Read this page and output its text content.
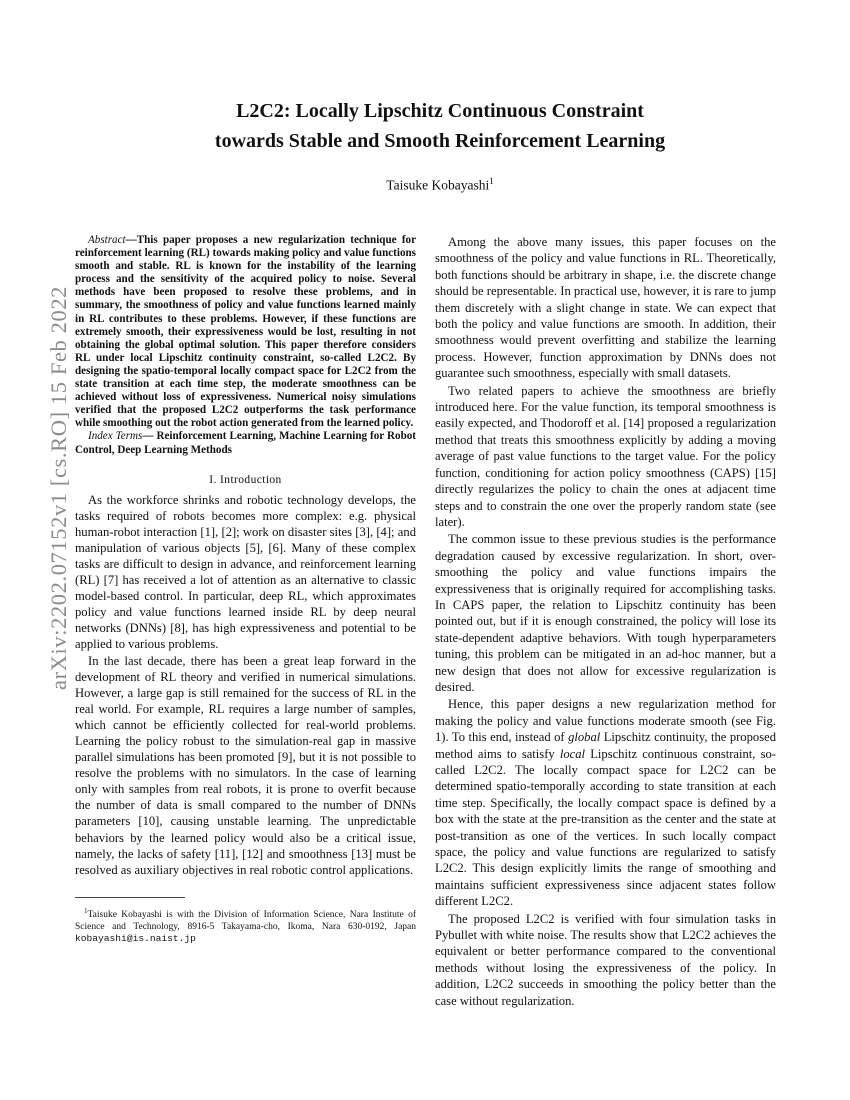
L2C2: Locally Lipschitz Continuous Constraint
towards Stable and Smooth Reinforcement Learning
Taisuke Kobayashi$^1$
arXiv:2202.07152v1 [cs.RO] 15 Feb 2022

Abstract—This paper proposes a new regularization technique for reinforcement learning (RL) towards making policy and value functions smooth and stable. RL is known for the instability of the learning process and the sensitivity of the acquired policy to noise. Several methods have been proposed to resolve these problems, and in summary, the smoothness of policy and value functions learned mainly in RL contributes to these problems. However, if these functions are extremely smooth, their expressiveness would be lost, resulting in not obtaining the global optimal solution. This paper therefore considers RL under local Lipschitz continuity constraint, so-called L2C2. By designing the spatio-temporal locally compact space for L2C2 from the state transition at each time step, the moderate smoothness can be achieved without loss of expressiveness. Numerical noisy simulations verified that the proposed L2C2 outperforms the task performance while smoothing out the robot action generated from the learned policy.

Index Terms— Reinforcement Learning, Machine Learning for Robot Control, Deep Learning Methods

I. Introduction

As the workforce shrinks and robotic technology develops, the tasks required of robots becomes more complex: e.g. physical human-robot interaction [1], [2]; work on disaster sites [3], [4]; and manipulation of various objects [5], [6]. Many of these complex tasks are difficult to design in advance, and reinforcement learning (RL) [7] has received a lot of attention as an alternative to classic model-based control. In particular, deep RL, which approximates policy and value functions learned inside RL by deep neural networks (DNNs) [8], has high expressiveness and potential to be applied to various problems.

In the last decade, there has been a great leap forward in the development of RL theory and verified in numerical simulations. However, a large gap is still remained for the success of RL in the real world. For example, RL requires a large number of samples, which cannot be efficiently collected for real-world problems. Learning the policy robust to the simulation-real gap in massive parallel simulations has been promoted [9], but it is not possible to resolve the problems with no simulators. In the case of learning only with samples from real robots, it is prone to overfit because the number of data is small compared to the number of DNNs parameters [10], causing unstable learning. The unpredictable behaviors by the learned policy would also be a critical issue, namely, the lacks of safety [11], [12] and smoothness [13] must be resolved as auxiliary objectives in real robotic control applications.

$^1$Taisuke Kobayashi is with the Division of Information Science, Nara Institute of Science and Technology, 8916-5 Takayama-cho, Ikoma, Nara 630-0192, Japan kobayashi@is.naist.jp

Among the above many issues, this paper focuses on the smoothness of the policy and value functions in RL. Theoretically, both functions should be arbitrary in shape, i.e. the discrete change should be representable. In practical use, however, it is rare to jump them discretely with a slight change in state. We can expect that both the policy and value functions are smooth. In addition, their smoothness would prevent overfitting and stabilize the learning process. However, function approximation by DNNs does not guarantee such smoothness, especially with small datasets.

Two related papers to achieve the smoothness are briefly introduced here. For the value function, its temporal smoothness is easily expected, and Thodoroff et al. [14] proposed a regularization method that treats this smoothness explicitly by adding a moving average of past value functions to the target value. For the policy function, conditioning for action policy smoothness (CAPS) [15] directly regularizes the policy to chain the ones at adjacent time steps and to constrain the one over the properly random state (see later).

The common issue to these previous studies is the performance degradation caused by excessive regularization. In short, over-smoothing the policy and value functions impairs the expressiveness that is originally required for accomplishing tasks. In CAPS paper, the relation to Lipschitz continuity has been pointed out, but if it is enough constrained, the policy will lose its state-dependent adaptive behaviors. With tough hyperparameters tuning, this problem can be mitigated in an ad-hoc manner, but a new design that does not allow for excessive regularization is desired.

Hence, this paper designs a new regularization method for making the policy and value functions moderate smooth (see Fig. 1). To this end, instead of global Lipschitz continuity, the proposed method aims to satisfy local Lipschitz continuous constraint, so-called L2C2. The locally compact space for L2C2 can be determined spatio-temporally according to state transition at each time step. Specifically, the locally compact space is defined by a box with the state at the pre-transition as the center and the state at post-transition as one of the vertices. In such locally compact space, the policy and value functions are regularized to satisfy L2C2. This design explicitly limits the range of smoothing and maintains sufficient expressiveness since adjacent states follow different L2C2.

The proposed L2C2 is verified with four simulation tasks in Pybullet with white noise. The results show that L2C2 achieves the equivalent or better performance compared to the conventional methods without losing the expressiveness of the policy. In addition, L2C2 succeeds in smoothing the policy better than the case without regularization.
